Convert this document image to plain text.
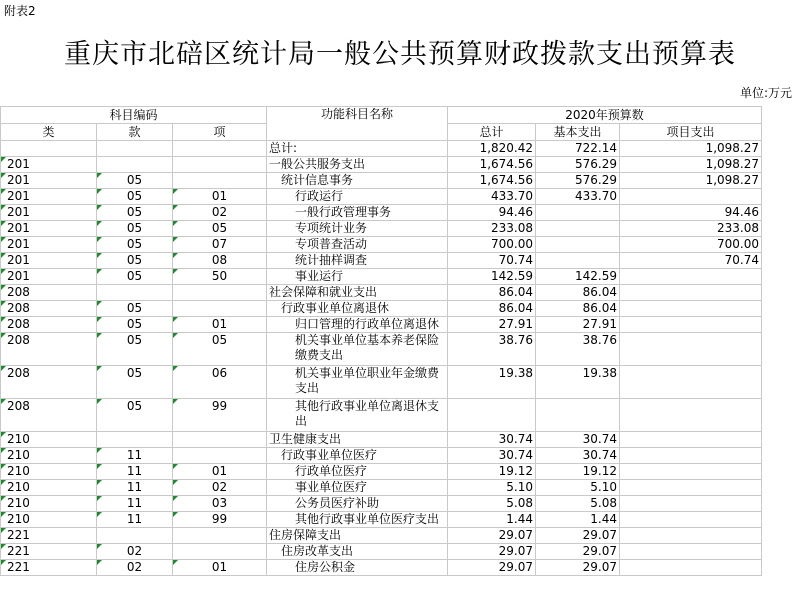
附表2
重庆市北碚区统计局一般公共预算财政拨款支出预算表
单位:万元
科目编码			功能科目名称	2020年预算数		
类	款	项		总计	基本支出	项目支出
			总计:	1,820.42	722.14	1,098.27
201			一般公共服务支出	1,674.56	576.29	1,098.27
201	05		统计信息事务	1,674.56	576.29	1,098.27
201	05	01	行政运行	433.70	433.70	
201	05	02	一般行政管理事务	94.46		94.46
201	05	05	专项统计业务	233.08		233.08
201	05	07	专项普查活动	700.00		700.00
201	05	08	统计抽样调查	70.74		70.74
201	05	50	事业运行	142.59	142.59	
208			社会保障和就业支出	86.04	86.04	
208	05		行政事业单位离退休	86.04	86.04	
208	05	01	归口管理的行政单位离退休	27.91	27.91	
208	05	05	机关事业单位基本养老保险缴费支出	38.76	38.76	
208	05	06	机关事业单位职业年金缴费支出	19.38	19.38	
208	05	99	其他行政事业单位离退休支出			
210			卫生健康支出	30.74	30.74	
210	11		行政事业单位医疗	30.74	30.74	
210	11	01	行政单位医疗	19.12	19.12	
210	11	02	事业单位医疗	5.10	5.10	
210	11	03	公务员医疗补助	5.08	5.08	
210	11	99	其他行政事业单位医疗支出	1.44	1.44	
221			住房保障支出	29.07	29.07	
221	02		住房改革支出	29.07	29.07	
221	02	01	住房公积金	29.07	29.07	
